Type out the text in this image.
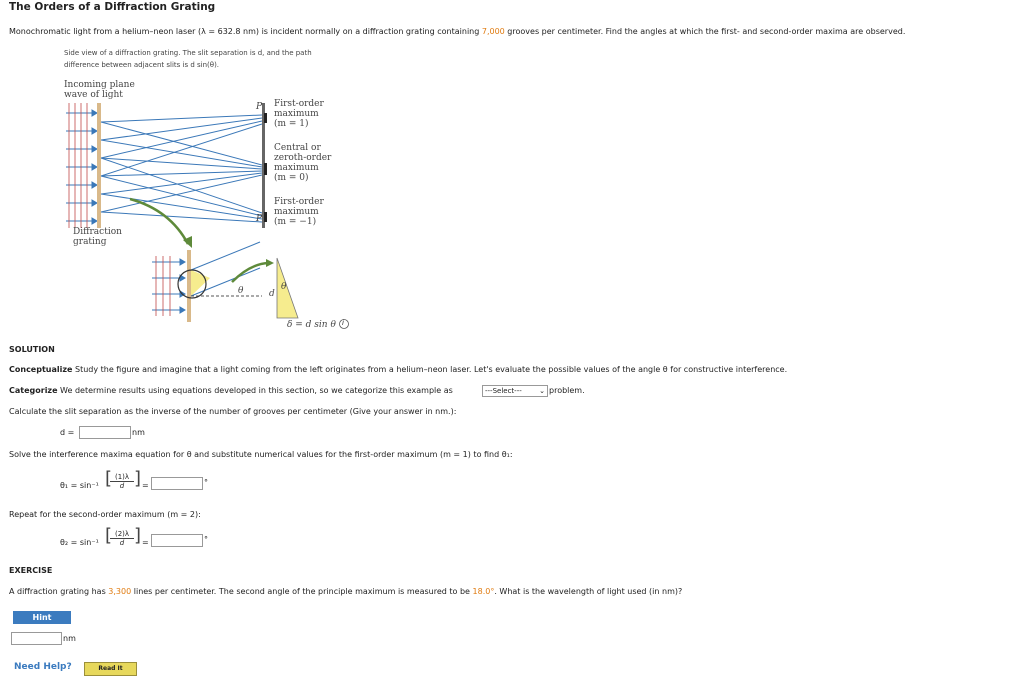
The Orders of a Diffraction Grating
Monochromatic light from a helium–neon laser (λ = 632.8 nm) is incident normally on a diffraction grating containing 7,000 grooves per centimeter. Find the angles at which the first- and second-order maxima are observed.
Side view of a diffraction grating. The slit separation is d, and the path
difference between adjacent slits is d sin(θ).
Incoming plane
wave of light
Diffraction
grating
P
P
First-order
maximum
(m = 1)
Central or
zeroth-order
maximum
(m = 0)
First-order
maximum
(m = −1)
θ	θ
d
δ = d sin θ i
SOLUTION
Conceptualize Study the figure and imagine that a light coming from the left originates from a helium–neon laser. Let's evaluate the possible values of the angle θ for constructive interference.
Categorize We determine results using equations developed in this section, so we categorize this example as	---Select--- ⌄ problem.
Calculate the slit separation as the inverse of the number of grooves per centimeter (Give your answer in nm.):
d =	nm
Solve the interference maxima equation for θ and substitute numerical values for the first-order maximum (m = 1) to find θ₁:
θ₁ = sin⁻¹ [
$\frac{(1)\lambda}{d}$ ] =	°
Repeat for the second-order maximum (m = 2):
θ₂ = sin⁻¹ [
$\frac{(2)\lambda}{d}$ ] =	°
EXERCISE
A diffraction grating has 3,300 lines per centimeter. The second angle of the principle maximum is measured to be 18.0°. What is the wavelength of light used (in nm)?
Hint
nm
Need Help?	Read It
